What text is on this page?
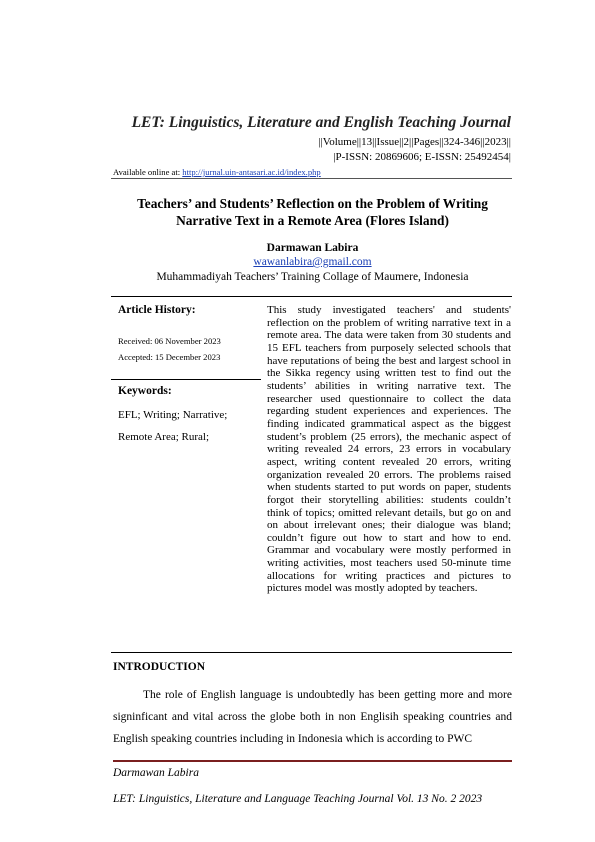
LET: Linguistics, Literature and English Teaching Journal
||Volume||13||Issue||2||Pages||324-346||2023||
|P-ISSN: 20869606; E-ISSN: 25492454|
Available online at: http://jurnal.uin-antasari.ac.id/index.php
Teachers’ and Students’ Reflection on the Problem of Writing
Narrative Text in a Remote Area (Flores Island)
Darmawan Labira
wawanlabira@gmail.com
Muhammadiyah Teachers’ Training Collage of Maumere, Indonesia
Article History:
Received: 06 November 2023
Accepted: 15 December 2023
Keywords:
EFL; Writing; Narrative;
Remote Area; Rural;

This study investigated teachers' and students' reflection on the problem of writing narrative text in a remote area. The data were taken from 30 students and 15 EFL teachers from purposely selected schools that have reputations of being the best and largest school in the Sikka regency using written test to find out the students’ abilities in writing narrative text. The researcher used questionnaire to collect the data regarding student experiences and experiences. The finding indicated grammatical aspect as the biggest student’s problem (25 errors), the mechanic aspect of writing revealed 24 errors, 23 errors in vocabulary aspect, writing content revealed 20 errors, writing organization revealed 20 errors. The problems raised when students started to put words on paper, students forgot their storytelling abilities: students couldn’t think of topics; omitted relevant details, but go on and on about irrelevant ones; their dialogue was bland; couldn’t figure out how to start and how to end. Grammar and vocabulary were mostly performed in writing activities, most teachers used 50-minute time allocations for writing practices and pictures to pictures model was mostly adopted by teachers.

INTRODUCTION

The role of English language is undoubtedly has been getting more and more signinficant and vital across the globe both in non Englisih speaking countries and English speaking countries including in Indonesia which is according to PWC

Darmawan Labira
LET: Linguistics, Literature and Language Teaching Journal Vol. 13 No. 2 2023
